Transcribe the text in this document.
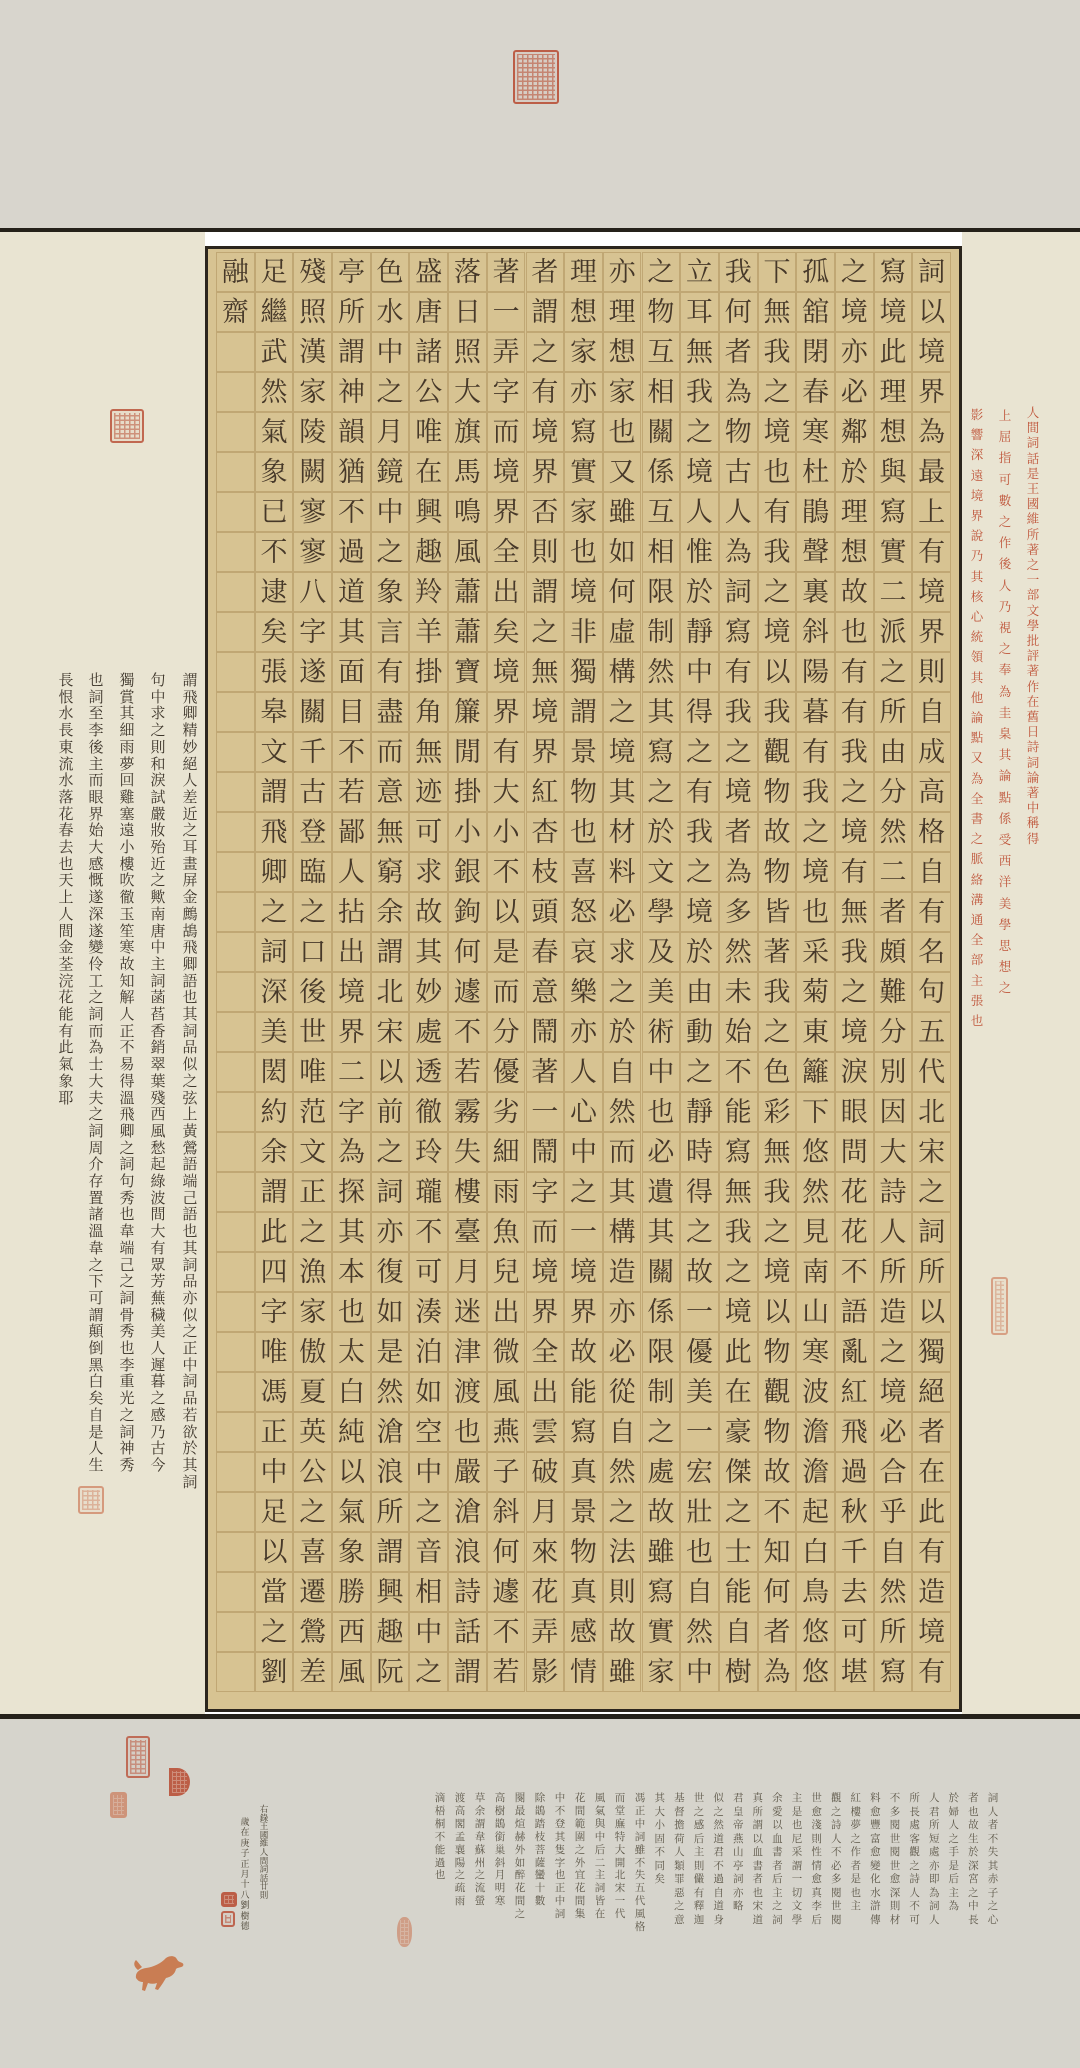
詞
以
境
界
為
最
上
有
境
界
則
自
成
高
格
自
有
名
句
五
代
北
宋
之
詞
所
以
獨
絕
者
在
此
有
造
境
有
寫
境
此
理
想
與
寫
實
二
派
之
所
由
分
然
二
者
頗
難
分
別
因
大
詩
人
所
造
之
境
必
合
乎
自
然
所
寫
之
境
亦
必
鄰
於
理
想
故
也
有
有
我
之
境
有
無
我
之
境
淚
眼
問
花
花
不
語
亂
紅
飛
過
秋
千
去
可
堪
孤
舘
閉
春
寒
杜
鵑
聲
裏
斜
陽
暮
有
我
之
境
也
采
菊
東
籬
下
悠
然
見
南
山
寒
波
澹
澹
起
白
鳥
悠
悠
下
無
我
之
境
也
有
我
之
境
以
我
觀
物
故
物
皆
著
我
之
色
彩
無
我
之
境
以
物
觀
物
故
不
知
何
者
為
我
何
者
為
物
古
人
為
詞
寫
有
我
之
境
者
為
多
然
未
始
不
能
寫
無
我
之
境
此
在
豪
傑
之
士
能
自
樹
立
耳
無
我
之
境
人
惟
於
靜
中
得
之
有
我
之
境
於
由
動
之
靜
時
得
之
故
一
優
美
一
宏
壯
也
自
然
中
之
物
互
相
關
係
互
相
限
制
然
其
寫
之
於
文
學
及
美
術
中
也
必
遺
其
關
係
限
制
之
處
故
雖
寫
實
家
亦
理
想
家
也
又
雖
如
何
虛
構
之
境
其
材
料
必
求
之
於
自
然
而
其
構
造
亦
必
從
自
然
之
法
則
故
雖
理
想
家
亦
寫
實
家
也
境
非
獨
謂
景
物
也
喜
怒
哀
樂
亦
人
心
中
之
一
境
界
故
能
寫
真
景
物
真
感
情
者
謂
之
有
境
界
否
則
謂
之
無
境
界
紅
杏
枝
頭
春
意
鬧
著
一
鬧
字
而
境
界
全
出
雲
破
月
來
花
弄
影
著
一
弄
字
而
境
界
全
出
矣
境
界
有
大
小
不
以
是
而
分
優
劣
細
雨
魚
兒
出
微
風
燕
子
斜
何
遽
不
若
落
日
照
大
旗
馬
鳴
風
蕭
蕭
寶
簾
閒
掛
小
銀
鉤
何
遽
不
若
霧
失
樓
臺
月
迷
津
渡
也
嚴
滄
浪
詩
話
謂
盛
唐
諸
公
唯
在
興
趣
羚
羊
掛
角
無
迹
可
求
故
其
妙
處
透
徹
玲
瓏
不
可
湊
泊
如
空
中
之
音
相
中
之
色
水
中
之
月
鏡
中
之
象
言
有
盡
而
意
無
窮
余
謂
北
宋
以
前
之
詞
亦
復
如
是
然
滄
浪
所
謂
興
趣
阮
亭
所
謂
神
韻
猶
不
過
道
其
面
目
不
若
鄙
人
拈
出
境
界
二
字
為
探
其
本
也
太
白
純
以
氣
象
勝
西
風
殘
照
漢
家
陵
闕
寥
寥
八
字
遂
關
千
古
登
臨
之
口
後
世
唯
范
文
正
之
漁
家
傲
夏
英
公
之
喜
遷
鶯
差
足
繼
武
然
氣
象
已
不
逮
矣
張
皋
文
謂
飛
卿
之
詞
深
美
閎
約
余
謂
此
四
字
唯
馮
正
中
足
以
當
之
劉
融
齋
謂
飛
卿
精
妙
絕
人
差
近
之
耳
畫
屏
金
鷓
鴣
飛
卿
語
也
其
詞
品
似
之
弦
上
黃
鶯
語
端
己
語
也
其
詞
品
亦
似
之
正
中
詞
品
若
欲
於
其
詞
句
中
求
之
則
和
淚
試
嚴
妝
殆
近
之
歟
南
唐
中
主
詞
菡
萏
香
銷
翠
葉
殘
西
風
愁
起
綠
波
間
大
有
眾
芳
蕪
穢
美
人
遲
暮
之
感
乃
古
今
獨
賞
其
細
雨
夢
回
雞
塞
遠
小
樓
吹
徹
玉
笙
寒
故
知
解
人
正
不
易
得
溫
飛
卿
之
詞
句
秀
也
韋
端
己
之
詞
骨
秀
也
李
重
光
之
詞
神
秀
也
詞
至
李
後
主
而
眼
界
始
大
感
慨
遂
深
遂
變
伶
工
之
詞
而
為
士
大
夫
之
詞
周
介
存
置
諸
溫
韋
之
下
可
謂
顛
倒
黑
白
矣
自
是
人
生
長
恨
水
長
東
流
水
落
花
春
去
也
天
上
人
間
金
荃
浣
花
能
有
此
氣
象
耶
人
間
詞
話
是
王
國
維
所
著
之
一
部
文
學
批
評
著
作
在
舊
日
詩
詞
論
著
中
稱
得
上
屈
指
可
數
之
作
後
人
乃
視
之
奉
為
圭
臬
其
論
點
係
受
西
洋
美
學
思
想
之
影
響
深
遠
境
界
說
乃
其
核
心
統
領
其
他
論
點
又
為
全
書
之
脈
絡
溝
通
全
部
主
張
也
詞
人
者
不
失
其
赤
子
之
心
者
也
故
生
於
深
宮
之
中
長
於
婦
人
之
手
是
后
主
為
人
君
所
短
處
亦
即
為
詞
人
所
長
處
客
觀
之
詩
人
不
可
不
多
閱
世
閱
世
愈
深
則
材
料
愈
豐
富
愈
變
化
水
滸
傳
紅
樓
夢
之
作
者
是
也
主
觀
之
詩
人
不
必
多
閱
世
閱
世
愈
淺
則
性
情
愈
真
李
后
主
是
也
尼
采
謂
一
切
文
學
余
愛
以
血
書
者
后
主
之
詞
真
所
謂
以
血
書
者
也
宋
道
君
皇
帝
燕
山
亭
詞
亦
略
似
之
然
道
君
不
過
自
道
身
世
之
感
后
主
則
儼
有
釋
迦
基
督
擔
荷
人
類
罪
惡
之
意
其
大
小
固
不
同
矣
馮
正
中
詞
雖
不
失
五
代
風
格
而
堂
廡
特
大
開
北
宋
一
代
風
氣
與
中
后
二
主
詞
皆
在
花
間
範
圍
之
外
宜
花
間
集
中
不
登
其
隻
字
也
正
中
詞
除
鵲
踏
枝
菩
薩
蠻
十
數
闋
最
煊
赫
外
如
醉
花
間
之
高
樹
鵲
銜
巢
斜
月
明
寒
草
余
謂
韋
蘇
州
之
流
螢
渡
高
閣
孟
襄
陽
之
疏
雨
滴
梧
桐
不
能
過
也
右
錄
王
國
維
人
間
詞
話
廿
則
歲
在
庚
子
正
月
十
八
劉
樹
德
